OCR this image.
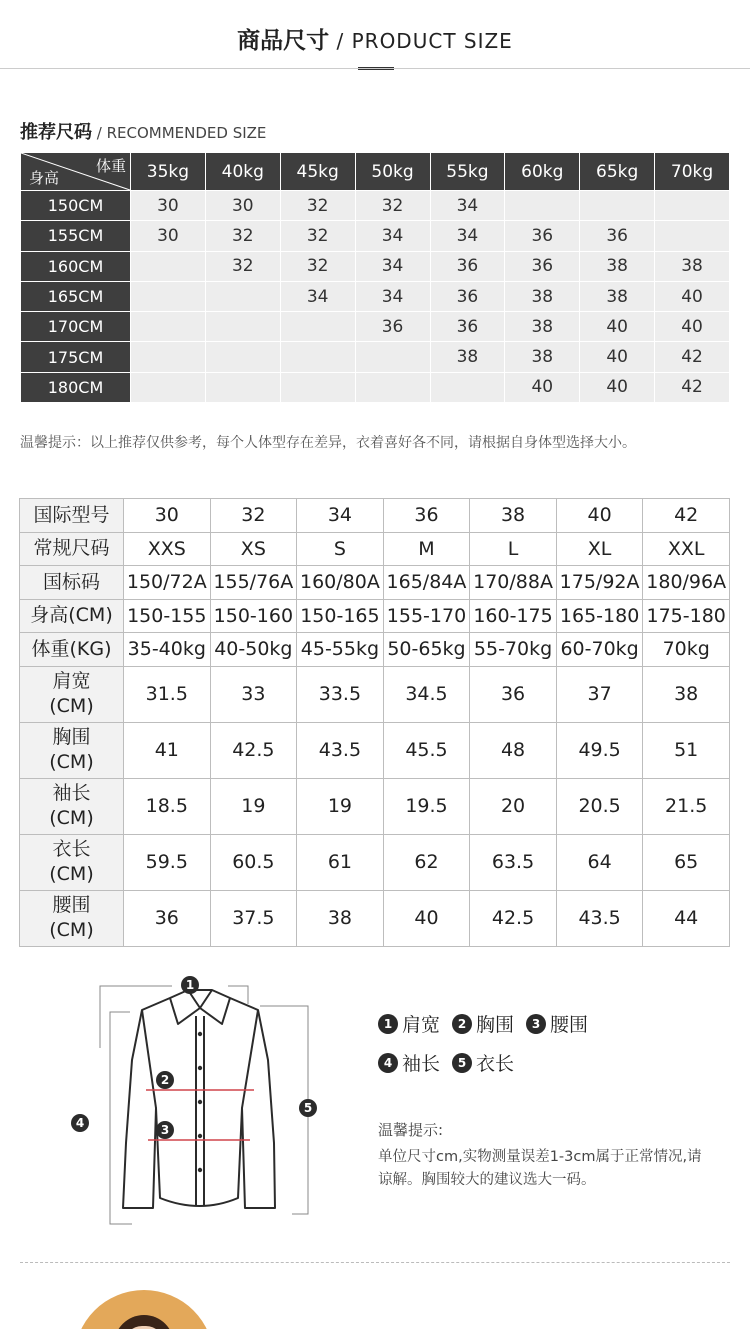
商品尺寸 / PRODUCT SIZE
推荐尺码 / RECOMMENDED SIZE
体重
身高	35kg	40kg	45kg	50kg	55kg	60kg	65kg	70kg
150CM	30	30	32	32	34			
155CM	30	32	32	34	34	36	36	
160CM		32	32	34	36	36	38	38
165CM			34	34	36	38	38	40
170CM				36	36	38	40	40
175CM					38	38	40	42
180CM						40	40	42
温馨提示：以上推荐仅供参考，每个人体型存在差异，衣着喜好各不同，请根据自身体型选择大小。
国际型号	30	32	34	36	38	40	42

常规尺码	XXS	XS	S	M	L	XL	XXL

国标码	150/72A	155/76A	160/80A	165/84A	170/88A	175/92A	180/96A

身高(CM)	150-155	150-160	150-165	155-170	160-175	165-180	175-180

体重(KG)	35-40kg	40-50kg	45-55kg	50-65kg	55-70kg	60-70kg	70kg

肩宽
(CM)	31.5	33	33.5	34.5	36	37	38

胸围
(CM)	41	42.5	43.5	45.5	48	49.5	51

袖长
(CM)	18.5	19	19	19.5	20	20.5	21.5

衣长
(CM)	59.5	60.5	61	62	63.5	64	65

腰围
(CM)	36	37.5	38	40	42.5	43.5	44
1
2
3
4
5
1 肩宽	2 胸围	3 腰围
4 袖长	5 衣长
温馨提示:
单位尺寸cm,实物测量误差1-3cm属于正常情况,请谅解。胸围较大的建议选大一码。
